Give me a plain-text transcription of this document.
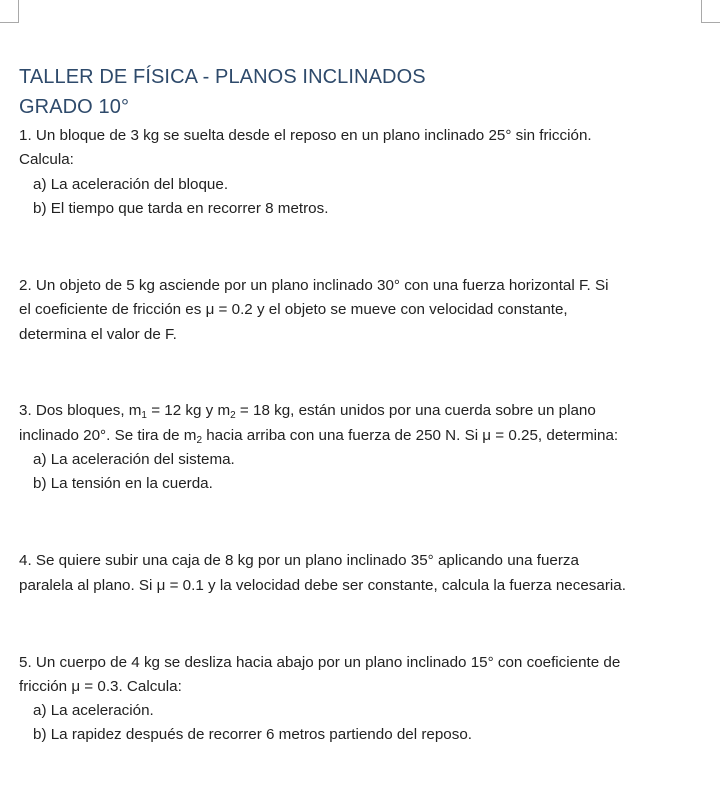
TALLER DE FÍSICA - PLANOS INCLINADOS
GRADO 10°
1. Un bloque de 3 kg se suelta desde el reposo en un plano inclinado 25° sin fricción.
Calcula:
a) La aceleración del bloque.
b) El tiempo que tarda en recorrer 8 metros.
2. Un objeto de 5 kg asciende por un plano inclinado 30° con una fuerza horizontal F. Si
el coeficiente de fricción es μ = 0.2 y el objeto se mueve con velocidad constante,
determina el valor de F.
3. Dos bloques, $m_1 = 12$ kg y $m_2 = 18$ kg, están unidos por una cuerda sobre un plano
inclinado 20°. Se tira de $m_2$ hacia arriba con una fuerza de 250 N. Si μ = 0.25, determina:
a) La aceleración del sistema.
b) La tensión en la cuerda.
4. Se quiere subir una caja de 8 kg por un plano inclinado 35° aplicando una fuerza
paralela al plano. Si μ = 0.1 y la velocidad debe ser constante, calcula la fuerza necesaria.
5. Un cuerpo de 4 kg se desliza hacia abajo por un plano inclinado 15° con coeficiente de
fricción μ = 0.3. Calcula:
a) La aceleración.
b) La rapidez después de recorrer 6 metros partiendo del reposo.
